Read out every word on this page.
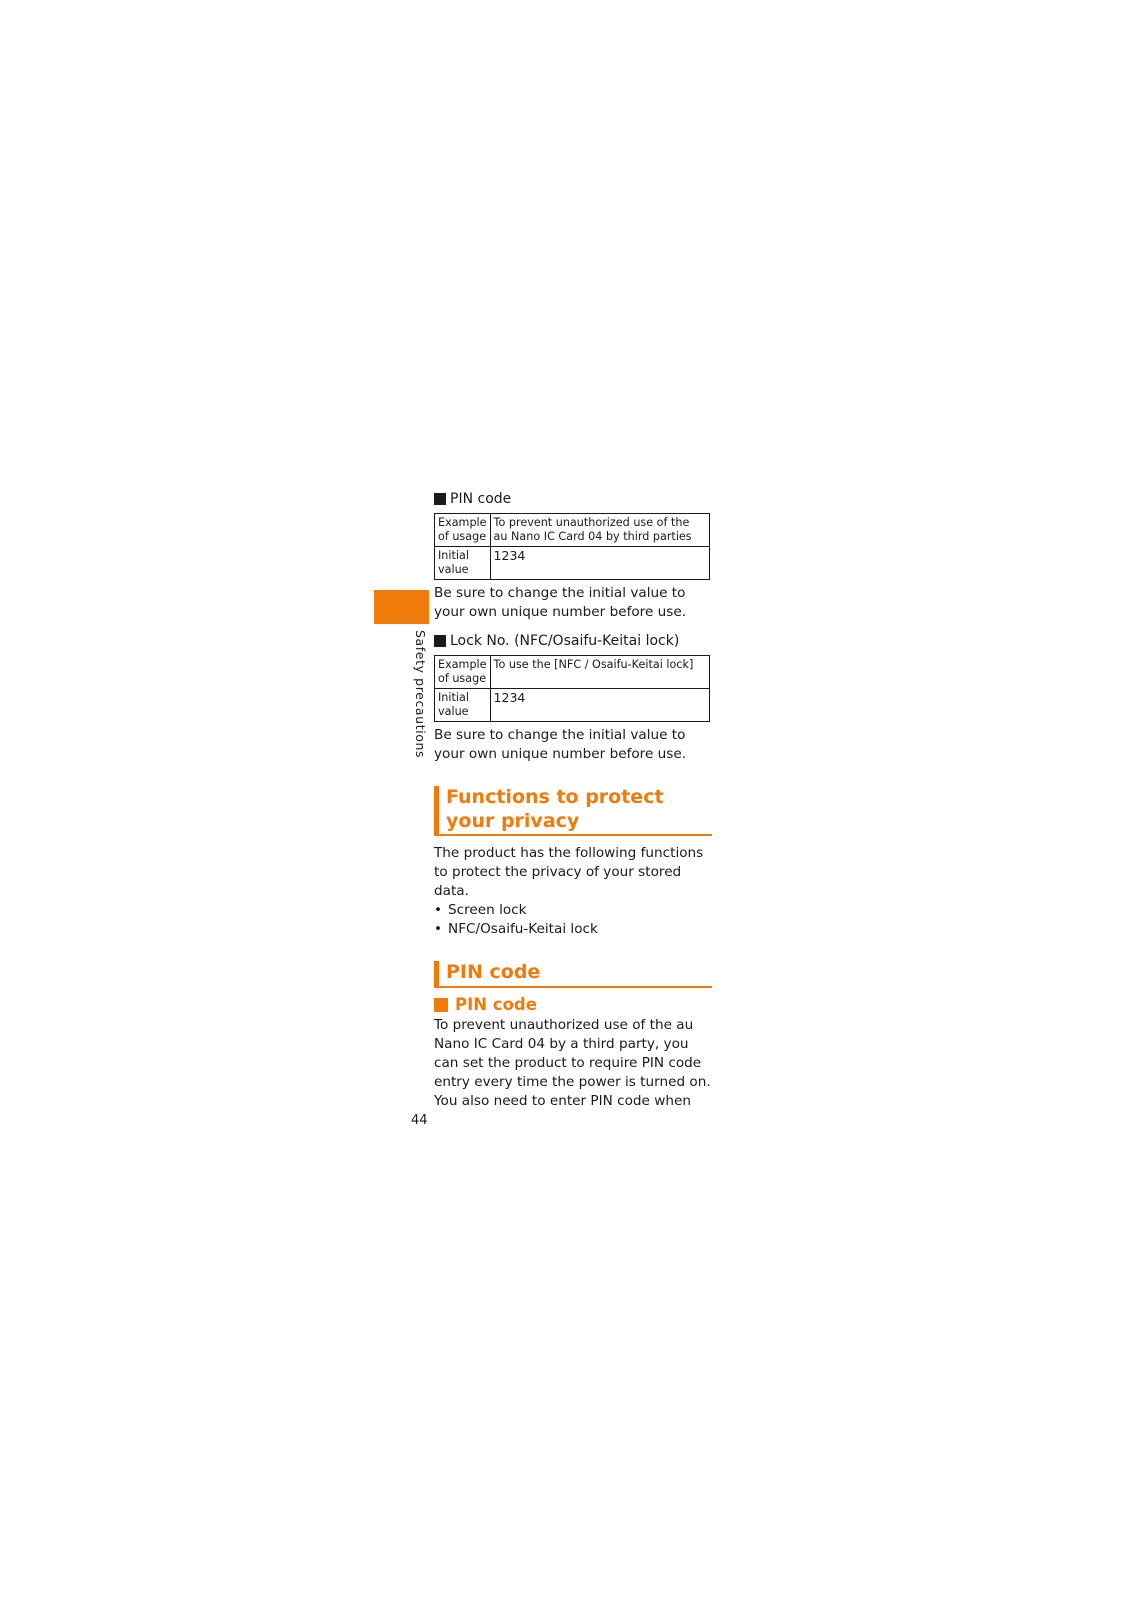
Safety precautions
PIN code
Example
of usage	To prevent unauthorized use of the au Nano IC Card 04 by third parties
Initial
value	1234

Be sure to change the initial value to your own unique number before use.

Lock No. (NFC/Osaifu-Keitai lock)
Example
of usage	To use the [NFC / Osaifu-Keitai lock]
Initial
value	1234

Be sure to change the initial value to your own unique number before use.

Functions to protect
your privacy

The product has the following functions to protect the privacy of your stored data.

• Screen lock
• NFC/Osaifu-Keitai lock
PIN code
PIN code

To prevent unauthorized use of the au Nano IC Card 04 by a third party, you can set the product to require PIN code entry every time the power is turned on. You also need to enter PIN code when

44
